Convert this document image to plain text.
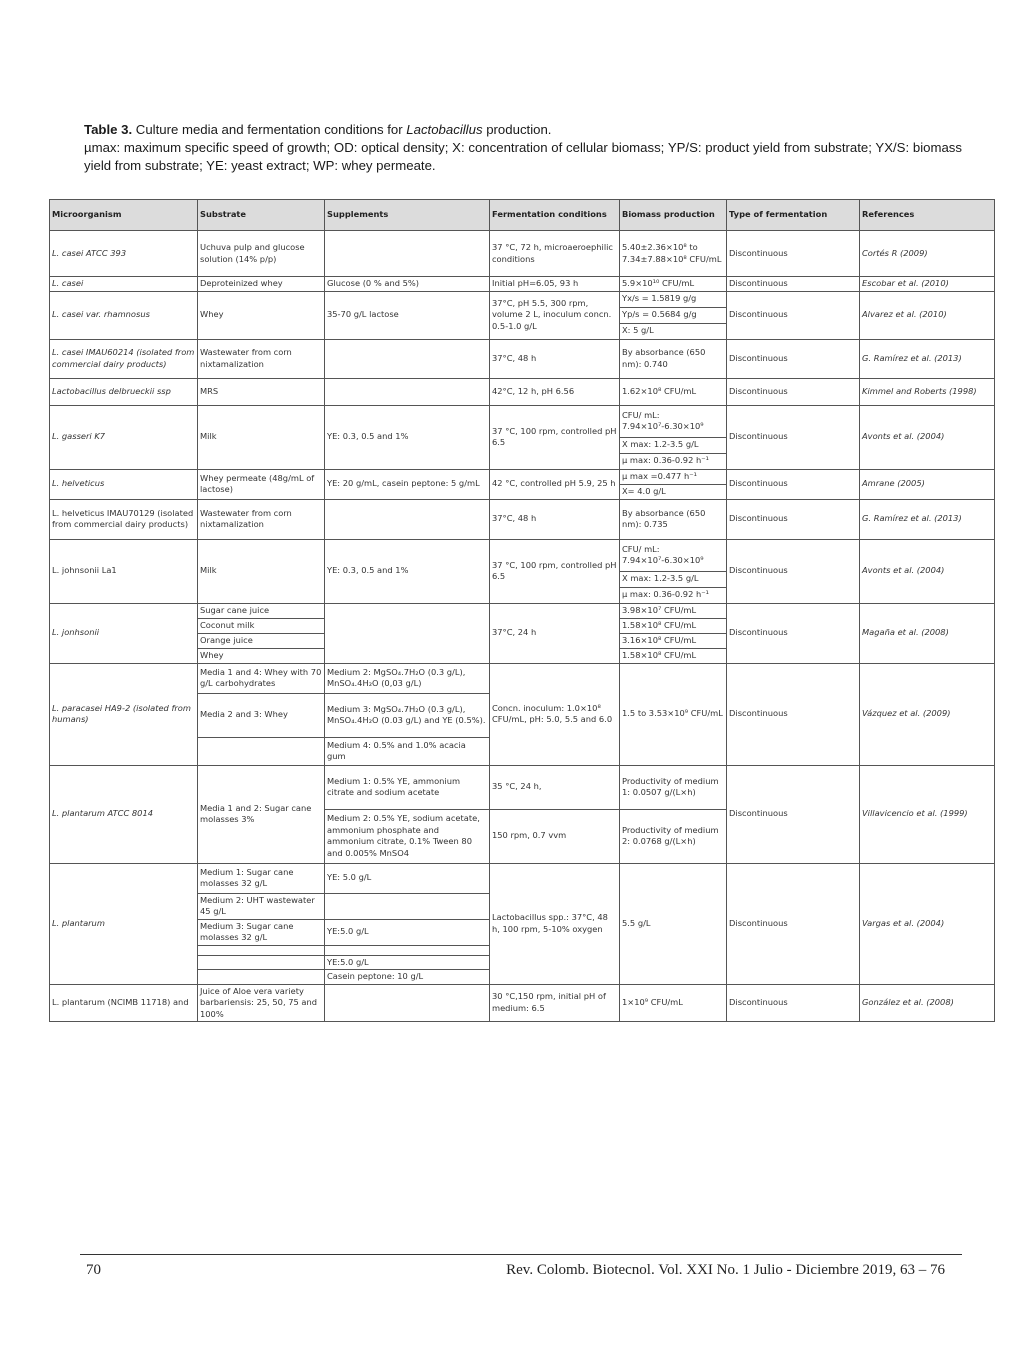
Table 3. Culture media and fermentation conditions for Lactobacillus production.

µmax: maximum specific speed of growth; OD: optical density; X: concentration of cellular biomass; YP/S: product yield from substrate; YX/S: biomass yield from substrate; YE: yeast extract; WP: whey permeate.

Microorganism	Substrate	Supplements	Fermentation conditions	Biomass production	Type of fermentation	References
L. casei ATCC 393	Uchuva pulp and glucose solution (14% p/p)		37 °C, 72 h, microaeroephilic conditions	5.40±2.36×10⁸ to 7.34±7.88×10⁸ CFU/mL	Discontinuous	Cortés R (2009)
L. casei	Deproteinized whey	Glucose (0 % and 5%)	Initial pH=6.05, 93 h	5.9×10¹⁰ CFU/mL	Discontinuous	Escobar et al. (2010)
L. casei var. rhamnosus	Whey	35-70 g/L lactose	37°C, pH 5.5, 300 rpm, volume 2 L, inoculum concn. 0.5-1.0 g/L	Yx/s = 1.5819 g/g	Discontinuous	Alvarez et al. (2010)
				Yp/s = 0.5684 g/g		
				X: 5 g/L		
L. casei IMAU60214 (isolated from commercial dairy products)	Wastewater from corn nixtamalization		37°C, 48 h	By absorbance (650 nm): 0.740	Discontinuous	G. Ramírez et al. (2013)
Lactobacillus delbrueckii ssp	MRS		42°C, 12 h, pH 6.56	1.62×10⁸ CFU/mL	Discontinuous	Kimmel and Roberts (1998)
L. gasseri K7	Milk	YE: 0.3, 0.5 and 1%	37 °C, 100 rpm, controlled pH 6.5	CFU/ mL: 7.94×10⁷-6.30×10⁹	Discontinuous	Avonts et al. (2004)
				X max: 1.2-3.5 g/L		
				µ max: 0.36-0.92 h⁻¹		
L. helveticus	Whey permeate (48g/mL of lactose)	YE: 20 g/mL, casein peptone: 5 g/mL	42 °C, controlled pH 5.9, 25 h	µ max =0.477 h⁻¹	Discontinuous	Amrane (2005)
				X= 4.0 g/L		
L. helveticus IMAU70129 (isolated from commercial dairy products)	Wastewater from corn nixtamalization		37°C, 48 h	By absorbance (650 nm): 0.735	Discontinuous	G. Ramírez et al. (2013)
L. johnsonii La1	Milk	YE: 0.3, 0.5 and 1%	37 °C, 100 rpm, controlled pH 6.5	CFU/ mL: 7.94×10⁷-6.30×10⁹	Discontinuous	Avonts et al. (2004)
				X max: 1.2-3.5 g/L		
				µ max: 0.36-0.92 h⁻¹		
L. jonhsonii	Sugar cane juice		37°C, 24 h	3.98×10⁷ CFU/mL	Discontinuous	Magaña et al. (2008)
	Coconut milk			1.58×10⁸ CFU/mL		
	Orange juice			3.16×10⁸ CFU/mL		
	Whey			1.58×10⁸ CFU/mL		
L. paracasei HA9-2 (isolated from humans)	Media 1 and 4: Whey with 70 g/L carbohydrates	Medium 2: MgSO₄.7H₂O (0.3 g/L), MnSO₄.4H₂O (0,03 g/L)	Concn. inoculum: 1.0×10⁸ CFU/mL, pH: 5.0, 5.5 and 6.0	1.5 to 3.53×10⁹ CFU/mL	Discontinuous	Vázquez et al. (2009)
	Media 2 and 3: Whey	Medium 3: MgSO₄.7H₂O (0.3 g/L), MnSO₄.4H₂O (0.03 g/L) and YE (0.5%).				
		Medium 4: 0.5% and 1.0% acacia gum				

L. plantarum ATCC 8014	Media 1 and 2: Sugar cane molasses 3%	Medium 1: 0.5% YE, ammonium citrate and sodium acetate	35 °C, 24 h,	Productivity of medium 1: 0.0507 g/(L×h)	Discontinuous	Villavicencio et al. (1999)
		Medium 2: 0.5% YE, sodium acetate, ammonium phosphate and ammonium citrate, 0.1% Tween 80 and 0.005% MnSO4	150 rpm, 0.7 vvm	Productivity of medium 2: 0.0768 g/(L×h)		
L. plantarum	Medium 1: Sugar cane molasses 32 g/L	YE: 5.0 g/L	Lactobacillus spp.: 37°C, 48 h, 100 rpm, 5-10% oxygen	5.5 g/L	Discontinuous	Vargas et al. (2004)
	Medium 2: UHT wastewater 45 g/L					
	Medium 3: Sugar cane molasses 32 g/L	YE:5.0 g/L				

		YE:5.0 g/L				
		Casein peptone: 10 g/L				
L. plantarum (NCIMB 11718) and	Juice of Aloe vera variety barbariensis: 25, 50, 75 and 100%		30 °C,150 rpm, initial pH of medium: 6.5	1×10⁹ CFU/mL	Discontinuous	González et al. (2008)
70	Rev. Colomb. Biotecnol. Vol. XXI No. 1 Julio - Diciembre 2019, 63 – 76
